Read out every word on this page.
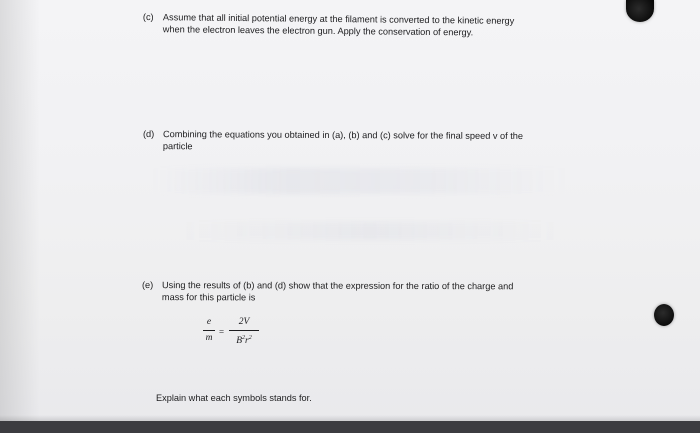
(c) Assume that all initial potential energy at the filament is converted to the kinetic energy
when the electron leaves the electron gun. Apply the conservation of energy.
(d) Combining the equations you obtained in (a), (b) and (c) solve for the final speed v of the
particle
(e) Using the results of (b) and (d) show that the expression for the ratio of the charge and
mass for this particle is
e
m
=
2V
$B^2r^2$
Explain what each symbols stands for.
